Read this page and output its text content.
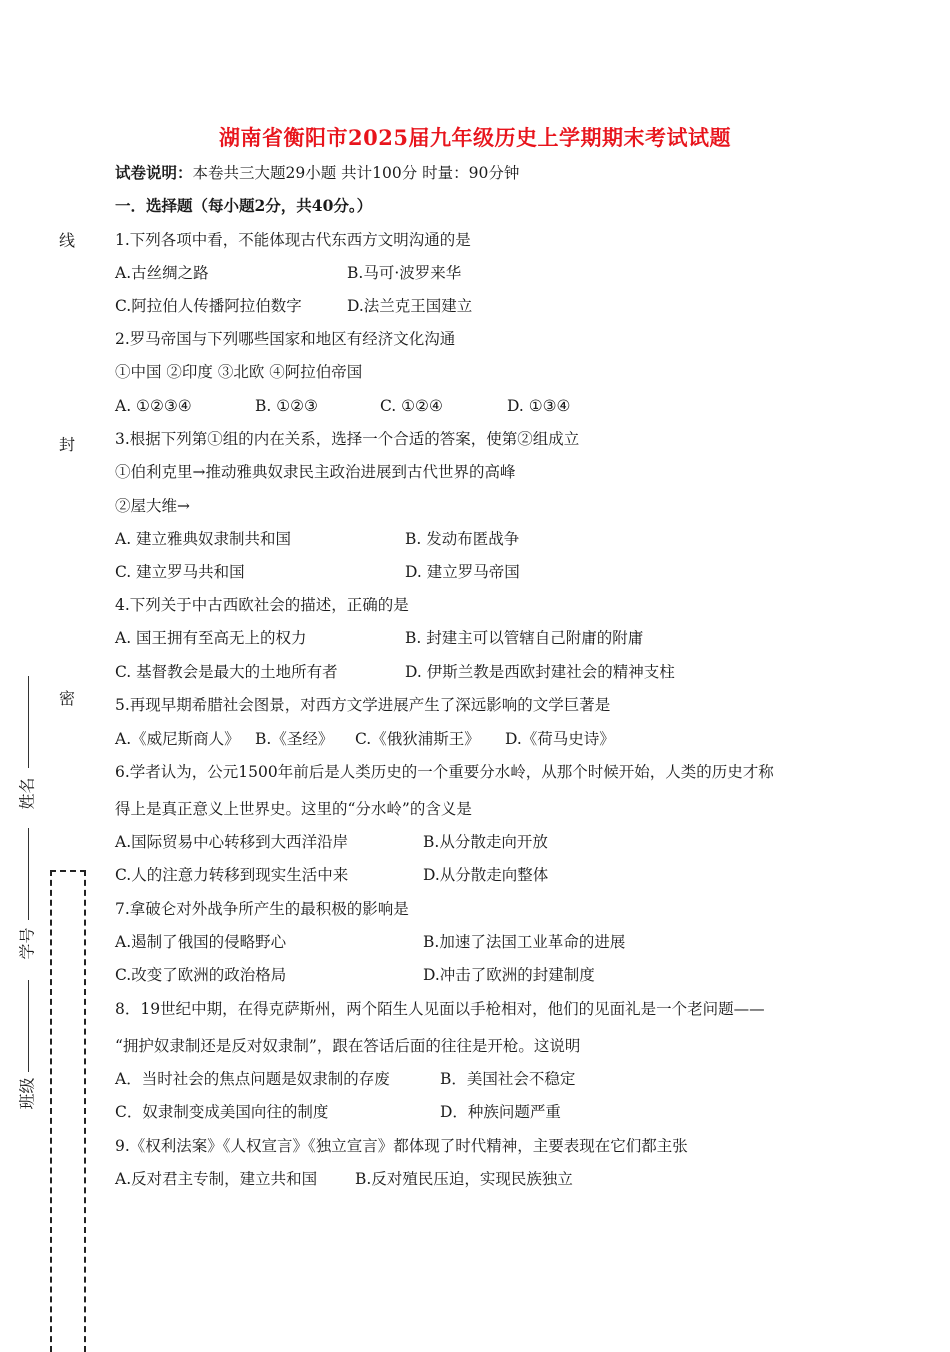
线
封
密
姓名
学号
班级
湖南省衡阳市2025届九年级历史上学期期末考试试题
试卷说明：本卷共三大题29小题 共计100分 时量：90分钟
一．选择题（每小题2分，共40分。）
1.下列各项中看，不能体现古代东西方文明沟通的是
A.古丝绸之路	B.马可·波罗来华
C.阿拉伯人传播阿拉伯数字	D.法兰克王国建立
2.罗马帝国与下列哪些国家和地区有经济文化沟通
①中国 ②印度 ③北欧 ④阿拉伯帝国
A. ①②③④	B. ①②③	C. ①②④	D. ①③④
3.根据下列第①组的内在关系，选择一个合适的答案，使第②组成立
①伯利克里→推动雅典奴隶民主政治进展到古代世界的高峰
②屋大维→
A. 建立雅典奴隶制共和国	B. 发动布匿战争
C. 建立罗马共和国	D. 建立罗马帝国
4.下列关于中古西欧社会的描述，正确的是
A. 国王拥有至高无上的权力	B. 封建主可以管辖自己附庸的附庸
C. 基督教会是最大的土地所有者	D. 伊斯兰教是西欧封建社会的精神支柱
5.再现早期希腊社会图景，对西方文学进展产生了深远影响的文学巨著是
A.《威尼斯商人》 B.《圣经》 C.《俄狄浦斯王》 D.《荷马史诗》
6.学者认为，公元1500年前后是人类历史的一个重要分水岭，从那个时候开始，人类的历史才称
得上是真正意义上世界史。这里的“分水岭”的含义是
A.国际贸易中心转移到大西洋沿岸	B.从分散走向开放
C.人的注意力转移到现实生活中来	D.从分散走向整体
7.拿破仑对外战争所产生的最积极的影响是
A.遏制了俄国的侵略野心	B.加速了法国工业革命的进展
C.改变了欧洲的政治格局	D.冲击了欧洲的封建制度
8．19世纪中期，在得克萨斯州，两个陌生人见面以手枪相对，他们的见面礼是一个老问题——
“拥护奴隶制还是反对奴隶制”，跟在答话后面的往往是开枪。这说明
A．当时社会的焦点问题是奴隶制的存废	B．美国社会不稳定
C．奴隶制变成美国向往的制度	D．种族问题严重
9.《权利法案》《人权宣言》《独立宣言》都体现了时代精神，主要表现在它们都主张
A.反对君主专制，建立共和国 B.反对殖民压迫，实现民族独立
